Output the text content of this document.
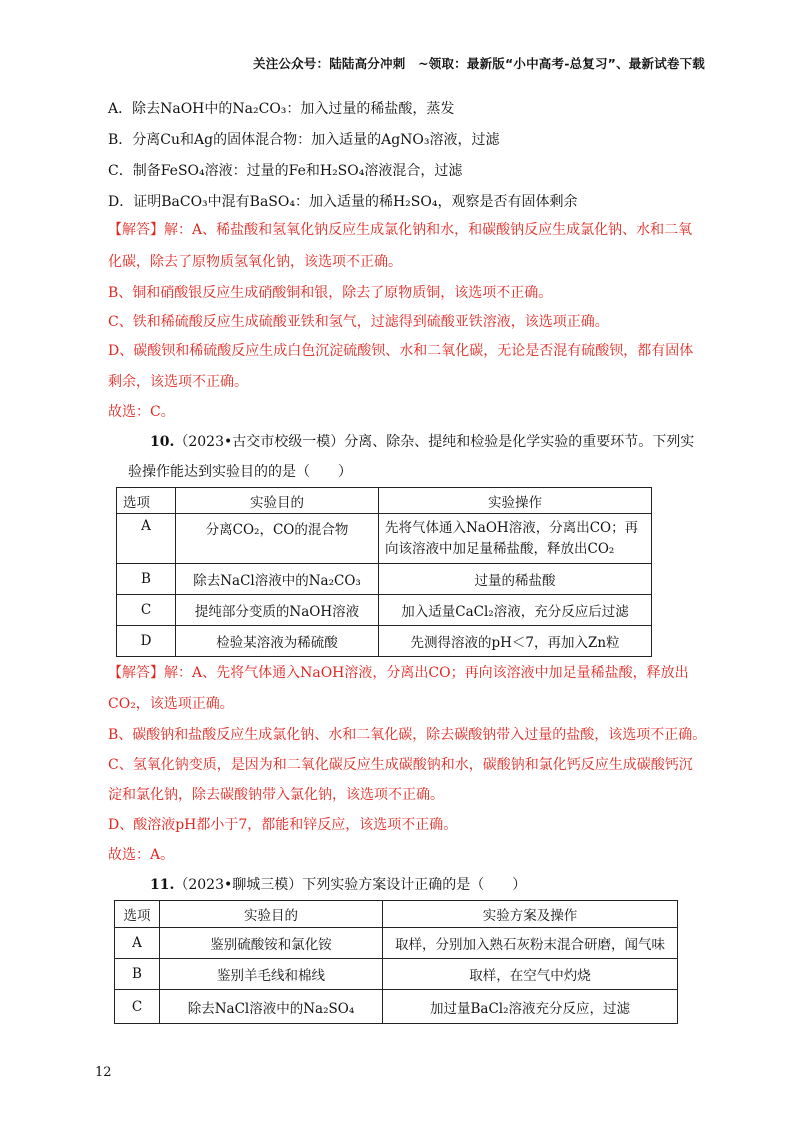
关注公众号：陆陆高分冲刺　~领取：最新版“小中高考-总复习”、最新试卷下载
A．除去NaOH中的Na₂CO₃：加入过量的稀盐酸，蒸发
B．分离Cu和Ag的固体混合物：加入适量的AgNO₃溶液，过滤
C．制备FeSO₄溶液：过量的Fe和H₂SO₄溶液混合，过滤
D．证明BaCO₃中混有BaSO₄：加入适量的稀H₂SO₄，观察是否有固体剩余
【解答】解：A、稀盐酸和氢氧化钠反应生成氯化钠和水，和碳酸钠反应生成氯化钠、水和二氧
化碳，除去了原物质氢氧化钠，该选项不正确。
B、铜和硝酸银反应生成硝酸铜和银，除去了原物质铜，该选项不正确。
C、铁和稀硫酸反应生成硫酸亚铁和氢气，过滤得到硫酸亚铁溶液，该选项正确。
D、碳酸钡和稀硫酸反应生成白色沉淀硫酸钡、水和二氧化碳，无论是否混有硫酸钡，都有固体
剩余，该选项不正确。
故选：C。
10.（2023•古交市校级一模）分离、除杂、提纯和检验是化学实验的重要环节。下列实
验操作能达到实验目的的是（　　）
选项	实验目的	实验操作
A	分离CO₂，CO的混合物	先将气体通入NaOH溶液，分离出CO；再向该溶液中加足量稀盐酸，释放出CO₂
B	除去NaCl溶液中的Na₂CO₃	过量的稀盐酸
C	提纯部分变质的NaOH溶液	加入适量CaCl₂溶液，充分反应后过滤
D	检验某溶液为稀硫酸	先测得溶液的pH＜7，再加入Zn粒
【解答】解：A、先将气体通入NaOH溶液，分离出CO；再向该溶液中加足量稀盐酸，释放出
CO₂，该选项正确。
B、碳酸钠和盐酸反应生成氯化钠、水和二氧化碳，除去碳酸钠带入过量的盐酸，该选项不正确。
C、氢氧化钠变质，是因为和二氧化碳反应生成碳酸钠和水，碳酸钠和氯化钙反应生成碳酸钙沉
淀和氯化钠，除去碳酸钠带入氯化钠，该选项不正确。
D、酸溶液pH都小于7，都能和锌反应，该选项不正确。
故选：A。
11.（2023•聊城三模）下列实验方案设计正确的是（　　）
选项	实验目的	实验方案及操作
A	鉴别硫酸铵和氯化铵	取样，分别加入熟石灰粉末混合研磨，闻气味
B	鉴别羊毛线和棉线	取样，在空气中灼烧
C	除去NaCl溶液中的Na₂SO₄	加过量BaCl₂溶液充分反应，过滤
12
